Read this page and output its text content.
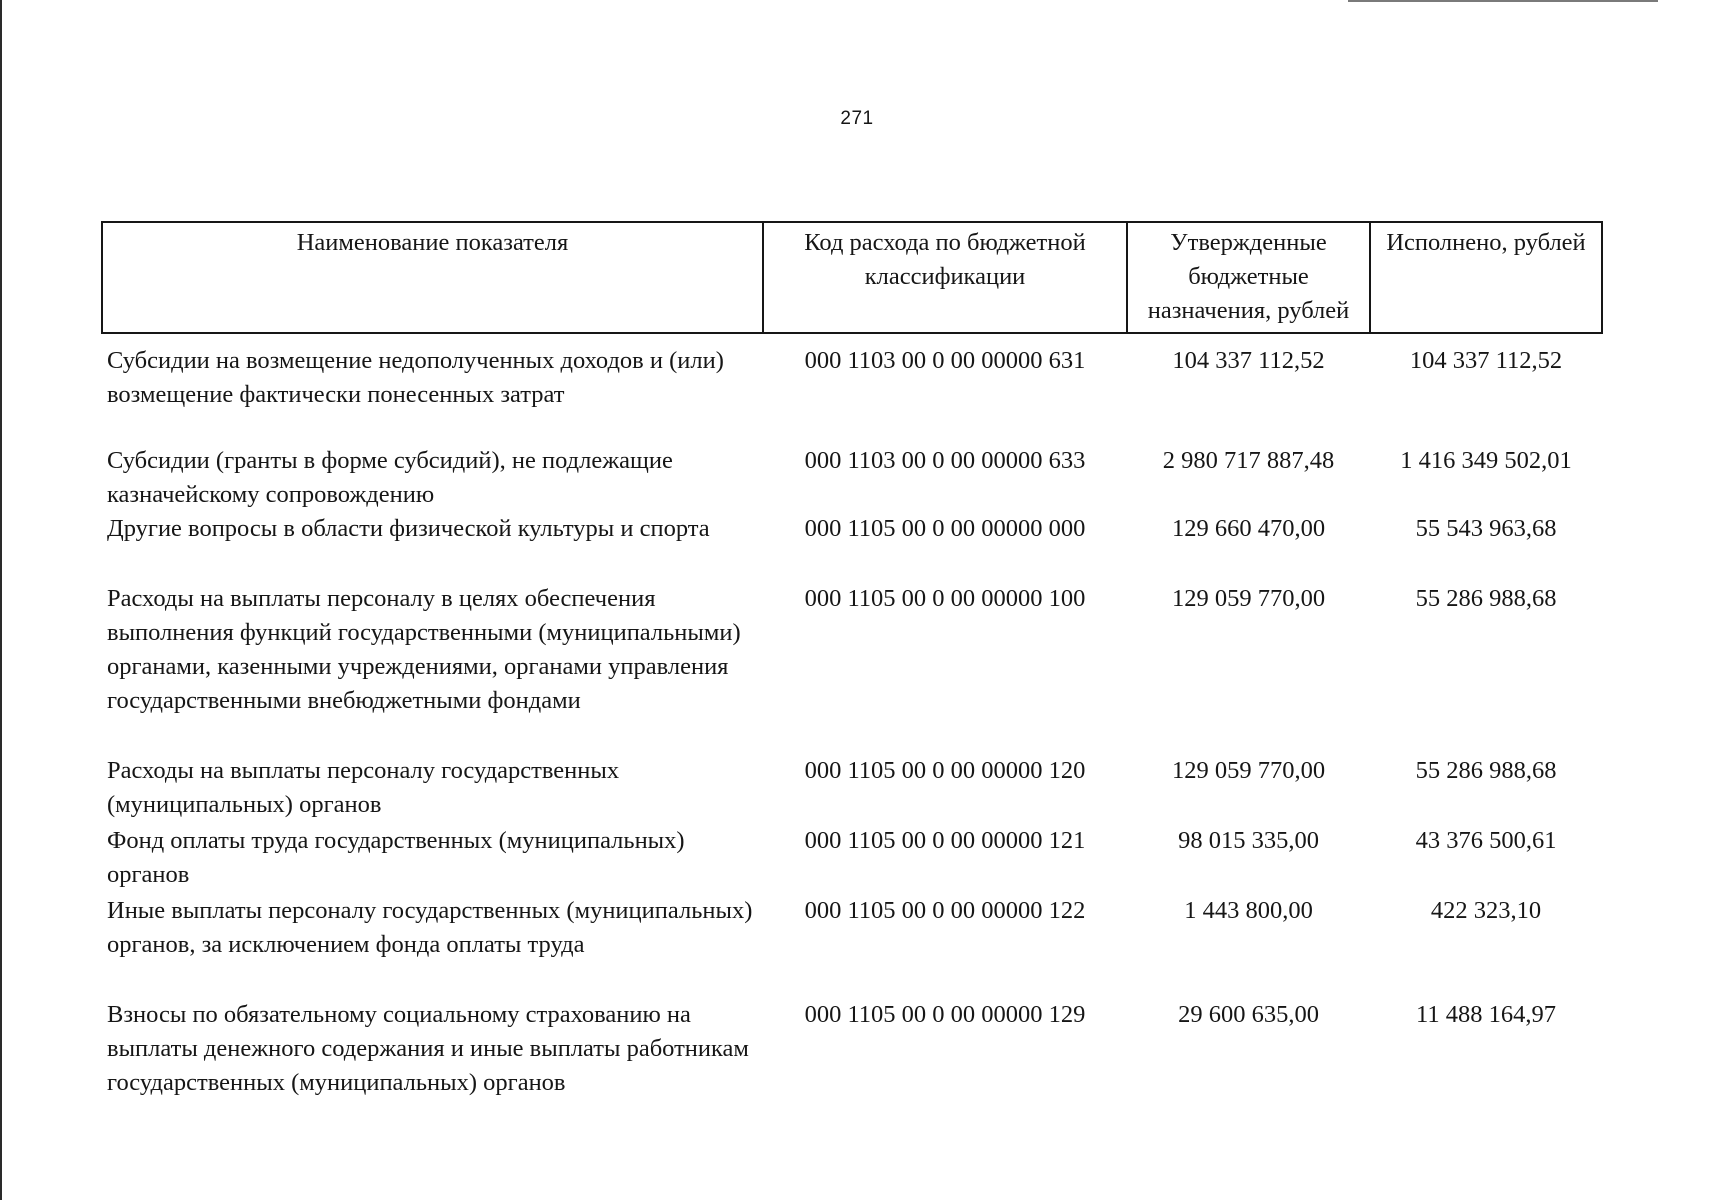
271
Наименование показателя	Код расхода по бюджетной классификации	Утвержденные бюджетные назначения, рублей	Исполнено, рублей
Субсидии на возмещение недополученных доходов и (или) возмещение фактически понесенных затрат	000 1103 00 0 00 00000 631	104 337 112,52	104 337 112,52
Субсидии (гранты в форме субсидий), не подлежащие казначейскому сопровождению	000 1103 00 0 00 00000 633	2 980 717 887,48	1 416 349 502,01
Другие вопросы в области физической культуры и спорта	000 1105 00 0 00 00000 000	129 660 470,00	55 543 963,68
Расходы на выплаты персоналу в целях обеспечения выполнения функций государственными (муниципальными) органами, казенными учреждениями, органами управления государственными внебюджетными фондами	000 1105 00 0 00 00000 100	129 059 770,00	55 286 988,68
Расходы на выплаты персоналу государственных (муниципальных) органов	000 1105 00 0 00 00000 120	129 059 770,00	55 286 988,68
Фонд оплаты труда государственных (муниципальных) органов	000 1105 00 0 00 00000 121	98 015 335,00	43 376 500,61
Иные выплаты персоналу государственных (муниципальных) органов, за исключением фонда оплаты труда	000 1105 00 0 00 00000 122	1 443 800,00	422 323,10
Взносы по обязательному социальному страхованию на выплаты денежного содержания и иные выплаты работникам государственных (муниципальных) органов	000 1105 00 0 00 00000 129	29 600 635,00	11 488 164,97
